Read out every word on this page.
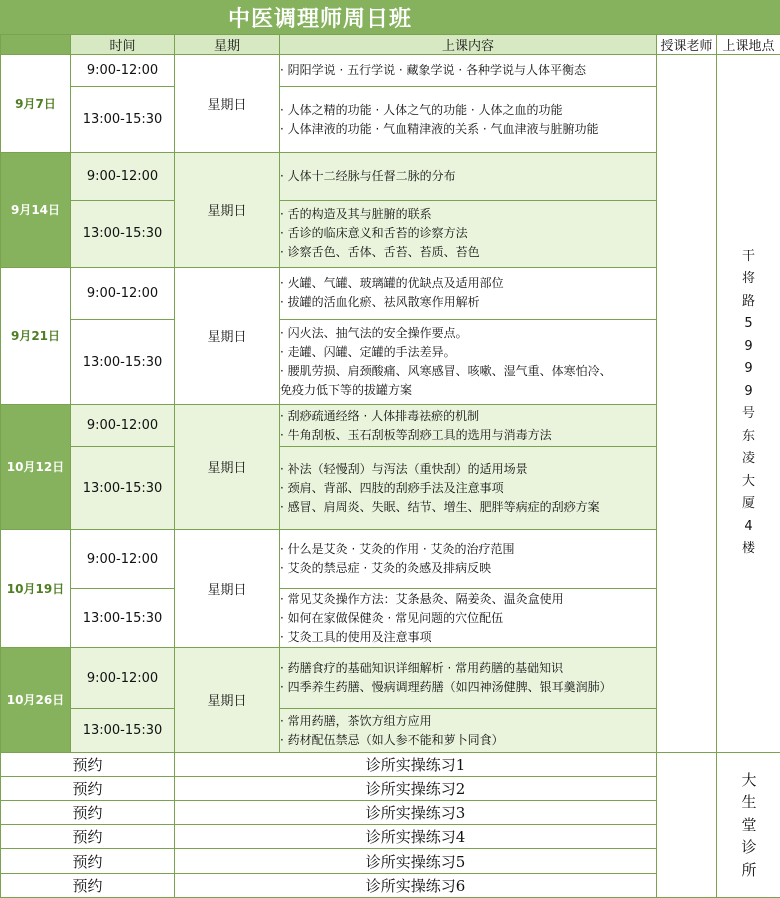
中医调理师周日班
	时间	星期	上课内容	授课老师	上课地点
9月7日	9:00-12:00	星期日	· 阴阳学说 · 五行学说 · 藏象学说 · 各种学说与人体平衡态		干将路5999号东凌大厦4楼
	13:00-15:30		· 人体之精的功能 · 人体之气的功能 · 人体之血的功能
· 人体津液的功能 · 气血精津液的关系 · 气血津液与脏腑功能		

9月14日	9:00-12:00	星期日	· 人体十二经脉与任督二脉的分布		

	13:00-15:30		· 舌的构造及其与脏腑的联系
· 舌诊的临床意义和舌苔的诊察方法
· 诊察舌色、舌体、舌苔、苔质、苔色		

9月21日	9:00-12:00	星期日	· 火罐、气罐、玻璃罐的优缺点及适用部位
· 拔罐的活血化瘀、祛风散寒作用解析		

	13:00-15:30		· 闪火法、抽气法的安全操作要点。
· 走罐、闪罐、定罐的手法差异。
· 腰肌劳损、肩颈酸痛、风寒感冒、咳嗽、湿气重、体寒怕冷、
免疫力低下等的拔罐方案		

10月12日	9:00-12:00	星期日	· 刮痧疏通经络 · 人体排毒祛瘀的机制
· 牛角刮板、玉石刮板等刮痧工具的选用与消毒方法		

	13:00-15:30		· 补法（轻慢刮）与泻法（重快刮）的适用场景
· 颈肩、背部、四肢的刮痧手法及注意事项
· 感冒、肩周炎、失眠、结节、增生、肥胖等病症的刮痧方案		

10月19日	9:00-12:00	星期日	· 什么是艾灸 · 艾灸的作用 · 艾灸的治疗范围
· 艾灸的禁忌症 · 艾灸的灸感及排病反映		

	13:00-15:30		· 常见艾灸操作方法：艾条悬灸、隔姜灸、温灸盒使用
· 如何在家做保健灸 · 常见问题的穴位配伍
· 艾灸工具的使用及注意事项		

10月26日	9:00-12:00	星期日	· 药膳食疗的基础知识详细解析 · 常用药膳的基础知识
· 四季养生药膳、慢病调理药膳（如四神汤健脾、银耳羹润肺）		

	13:00-15:30		· 常用药膳，茶饮方组方应用
· 药材配伍禁忌（如人参不能和萝卜同食）		

预约		诊所实操练习1			大生堂诊所
预约		诊所实操练习2			
预约		诊所实操练习3			
预约		诊所实操练习4			
预约		诊所实操练习5			
预约		诊所实操练习6			
